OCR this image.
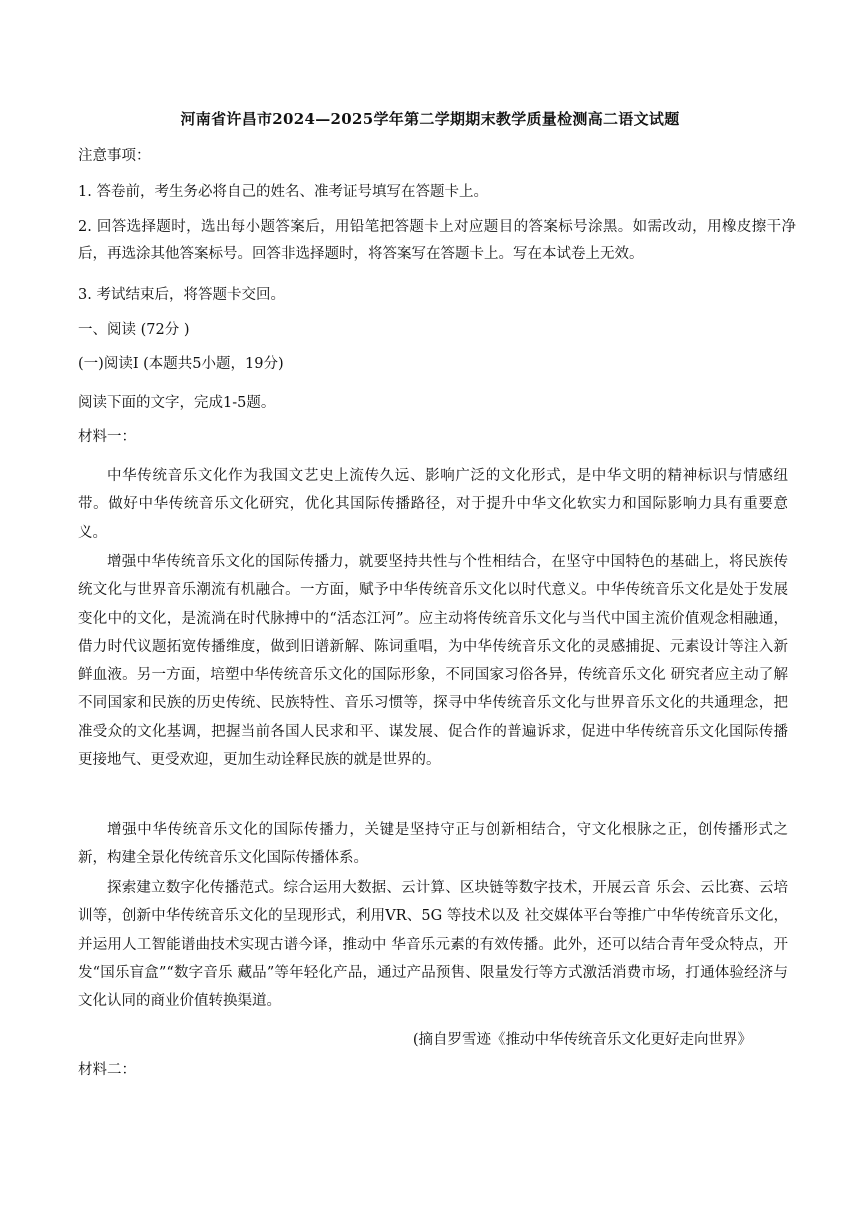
河南省许昌市2024—2025学年第二学期期末教学质量检测高二语文试题
注意事项：
1. 答卷前，考生务必将自己的姓名、准考证号填写在答题卡上。
2. 回答选择题时，选出每小题答案后，用铅笔把答题卡上对应题目的答案标号涂黑。如需改动，用橡皮擦干净后，再选涂其他答案标号。回答非选择题时，将答案写在答题卡上。写在本试卷上无效。
3. 考试结束后，将答题卡交回。
一、阅读 (72分 )
(一)阅读I (本题共5小题，19分)
阅读下面的文字，完成1-5题。
材料一：
中华传统音乐文化作为我国文艺史上流传久远、影响广泛的文化形式，是中华文明的精神标识与情感纽带。做好中华传统音乐文化研究，优化其国际传播路径，对于提升中华文化软实力和国际影响力具有重要意义。
增强中华传统音乐文化的国际传播力，就要坚持共性与个性相结合，在坚守中国特色的基础上，将民族传统文化与世界音乐潮流有机融合。一方面，赋予中华传统音乐文化以时代意义。中华传统音乐文化是处于发展变化中的文化，是流淌在时代脉搏中的“活态江河”。应主动将传统音乐文化与当代中国主流价值观念相融通，借力时代议题拓宽传播维度，做到旧谱新解、陈词重唱，为中华传统音乐文化的灵感捕捉、元素设计等注入新鲜血液。另一方面，培塑中华传统音乐文化的国际形象，不同国家习俗各异，传统音乐文化 研究者应主动了解不同国家和民族的历史传统、民族特性、音乐习惯等，探寻中华传统音乐文化与世界音乐文化的共通理念，把准受众的文化基调，把握当前各国人民求和平、谋发展、促合作的普遍诉求，促进中华传统音乐文化国际传播更接地气、更受欢迎，更加生动诠释民族的就是世界的。
增强中华传统音乐文化的国际传播力，关键是坚持守正与创新相结合，守文化根脉之正，创传播形式之新，构建全景化传统音乐文化国际传播体系。
探索建立数字化传播范式。综合运用大数据、云计算、区块链等数字技术，开展云音 乐会、云比赛、云培训等，创新中华传统音乐文化的呈现形式，利用VR、5G 等技术以及 社交媒体平台等推广中华传统音乐文化，并运用人工智能谱曲技术实现古谱今译，推动中 华音乐元素的有效传播。此外，还可以结合青年受众特点，开发“国乐盲盒”“数字音乐 藏品”等年轻化产品，通过产品预售、限量发行等方式激活消费市场，打通体验经济与 文化认同的商业价值转换渠道。
(摘自罗雪迹《推动中华传统音乐文化更好走向世界》
材料二：
